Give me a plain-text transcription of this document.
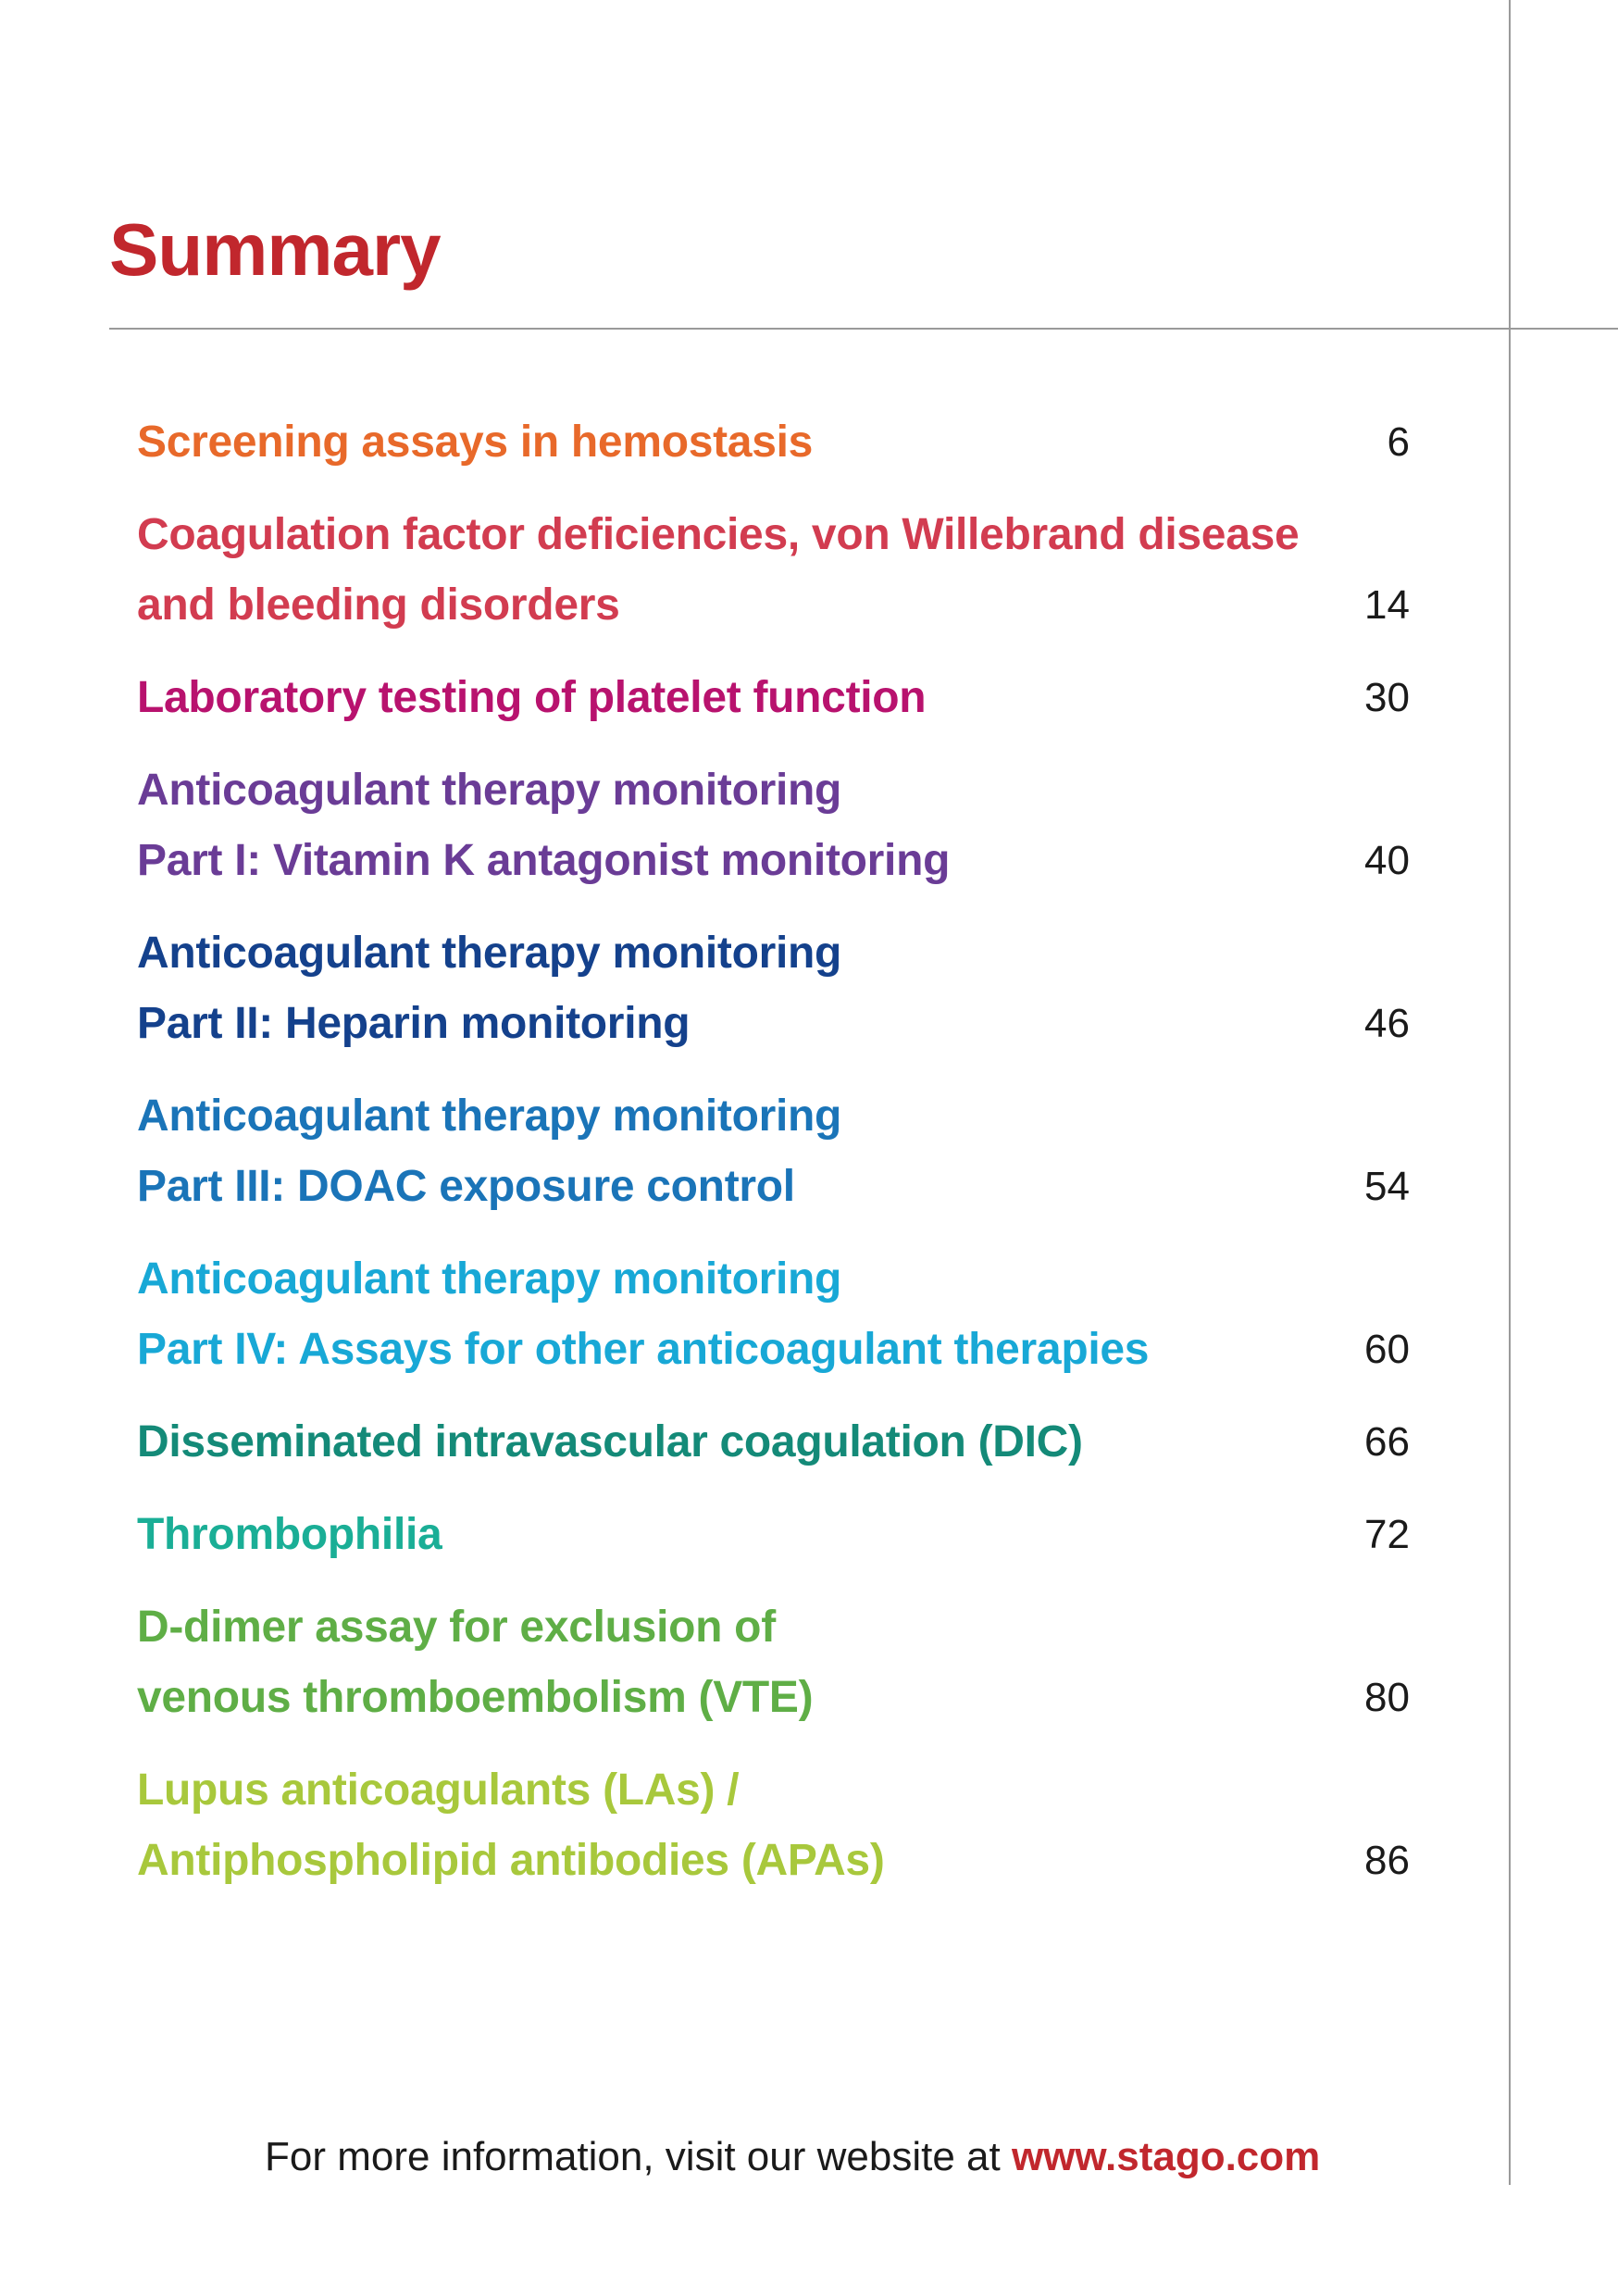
Summary
Screening assays in hemostasis	6
Coagulation factor deficiencies, von Willebrand disease
and bleeding disorders	14
Laboratory testing of platelet function	30
Anticoagulant therapy monitoring
Part I: Vitamin K antagonist monitoring	40
Anticoagulant therapy monitoring
Part II: Heparin monitoring	46
Anticoagulant therapy monitoring
Part III: DOAC exposure control	54
Anticoagulant therapy monitoring
Part IV: Assays for other anticoagulant therapies	60
Disseminated intravascular coagulation (DIC)	66
Thrombophilia	72
D-dimer assay for exclusion of
venous thromboembolism (VTE)	80
Lupus anticoagulants (LAs) /
Antiphospholipid antibodies (APAs)	86
For more information, visit our website at www.stago.com
